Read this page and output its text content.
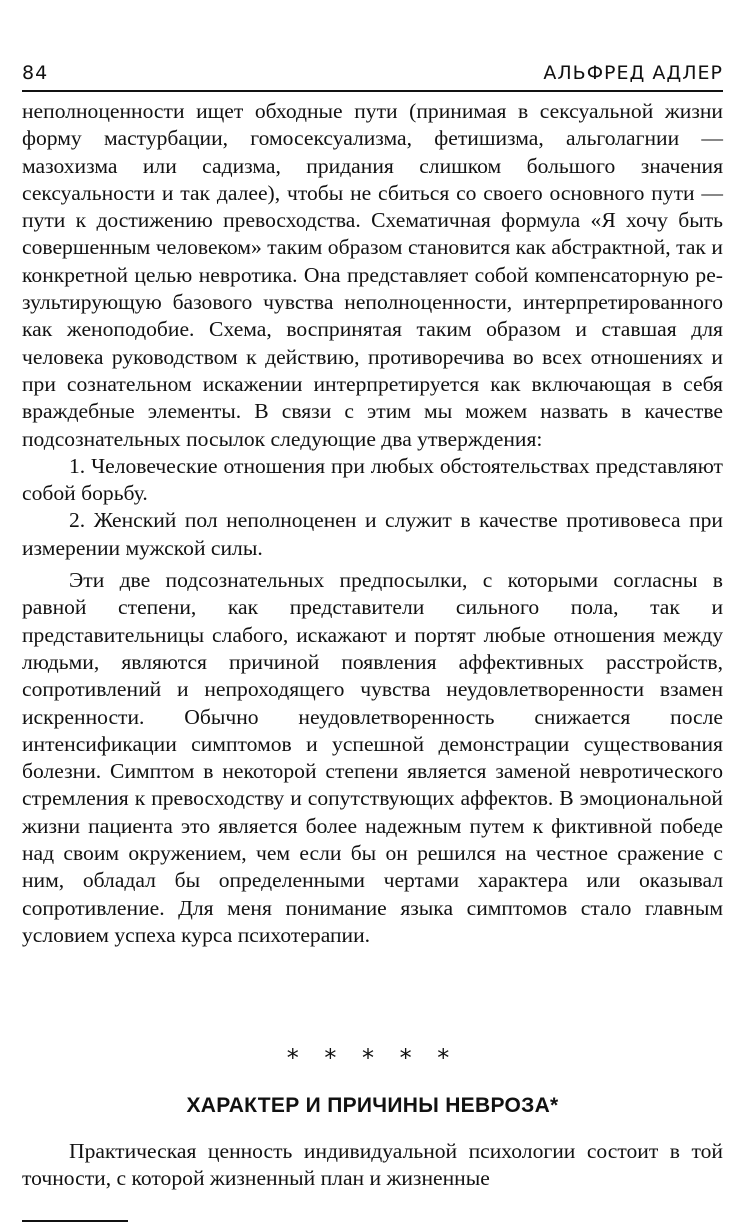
84	АЛЬФРЕД АДЛЕР

неполноценности ищет обходные пути (принимая в сексуальной жизни форму мастурбации, гомосексуализма, фетишизма, альголагнии — мазохизма или садизма, придания слишком большого значения сексуальности и так далее), чтобы не сбиться со своего основного пути — пути к достижению превосходства. Схематичная формула «Я хочу быть совершенным человеком» таким образом становится как абстрактной, так и конкретной целью невротика. Она представляет собой компенсаторную результирующую базового чувства неполноценности, интерпретированного как женоподобие. Схема, воспринятая таким образом и ставшая для человека руководством к действию, противоречива во всех отношениях и при сознательном искажении интерпретируется как включающая в себя враждебные элементы. В связи с этим мы можем назвать в качестве подсознательных посылок следующие два утверждения:

1. Человеческие отношения при любых обстоятельствах представляют собой борьбу.

2. Женский пол неполноценен и служит в качестве противовеса при измерении мужской силы.

Эти две подсознательных предпосылки, с которыми согласны в равной степени, как представители сильного пола, так и представительницы слабого, искажают и портят любые отношения между людьми, являются причиной появления аффективных расстройств, сопротивлений и непроходящего чувства неудовлетворенности взамен искренности. Обычно неудовлетворенность снижается после интенсификации симптомов и успешной демонстрации существования болезни. Симптом в некоторой степени является заменой невротического стремления к превосходству и сопутствующих аффектов. В эмоциональной жизни пациента это является более надежным путем к фиктивной победе над своим окружением, чем если бы он решился на честное сражение с ним, обладал бы определенными чертами характера или оказывал сопротивление. Для меня понимание языка симптомов стало главным условием успеха курса психотерапии.

* * * * *
ХАРАКТЕР И ПРИЧИНЫ НЕВРОЗА*

Практическая ценность индивидуальной психологии состоит в той точности, с которой жизненный план и жизненные
